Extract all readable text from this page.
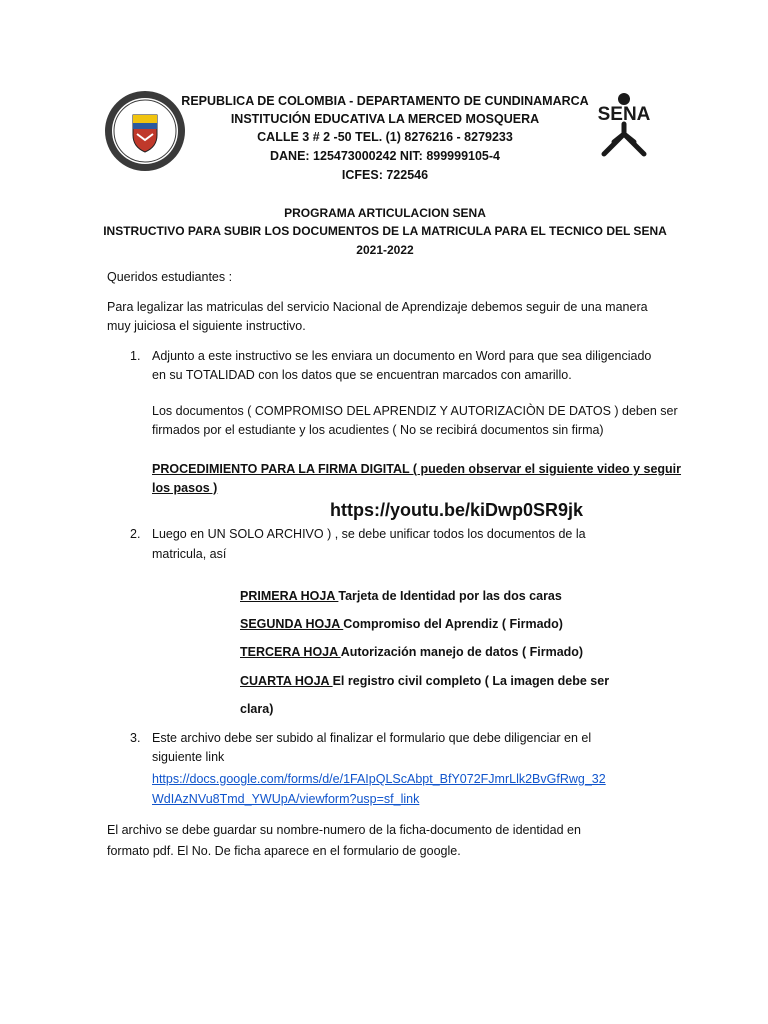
REPUBLICA DE COLOMBIA - DEPARTAMENTO DE CUNDINAMARCA
INSTITUCIÓN EDUCATIVA LA MERCED MOSQUERA
CALLE 3 # 2 -50 TEL. (1) 8276216 - 8279233
DANE: 125473000242 NIT: 899999105-4
ICFES: 722546
SENA
PROGRAMA ARTICULACION SENA
INSTRUCTIVO PARA SUBIR LOS DOCUMENTOS DE LA MATRICULA PARA EL TECNICO DEL SENA
2021-2022
Queridos estudiantes :
Para legalizar las matriculas del servicio Nacional de Aprendizaje debemos seguir de una manera
muy juiciosa el siguiente instructivo.
1. Adjunto a este instructivo se les enviara un documento en Word para que sea diligenciado
en su TOTALIDAD con los datos que se encuentran marcados con amarillo.
Los documentos ( COMPROMISO DEL APRENDIZ Y AUTORIZACIÒN DE DATOS ) deben ser
firmados por el estudiante y los acudientes ( No se recibirá documentos sin firma)
PROCEDIMIENTO PARA LA FIRMA DIGITAL ( pueden observar el siguiente video y seguir
los pasos )
https://youtu.be/kiDwp0SR9jk
2. Luego en UN SOLO ARCHIVO ) , se debe unificar todos los documentos de la
matricula, así
PRIMERA HOJA Tarjeta de Identidad por las dos caras
SEGUNDA HOJA Compromiso del Aprendiz ( Firmado)
TERCERA HOJA Autorización manejo de datos ( Firmado)
CUARTA HOJA El registro civil completo ( La imagen debe ser
clara)
3. Este archivo debe ser subido al finalizar el formulario que debe diligenciar en el
siguiente link
https://docs.google.com/forms/d/e/1FAIpQLScAbpt_BfY072FJmrLlk2BvGfRwg_32
WdIAzNVu8Tmd_YWUpA/viewform?usp=sf_link
El archivo se debe guardar su nombre-numero de la ficha-documento de identidad en
formato pdf. El No. De ficha aparece en el formulario de google.
